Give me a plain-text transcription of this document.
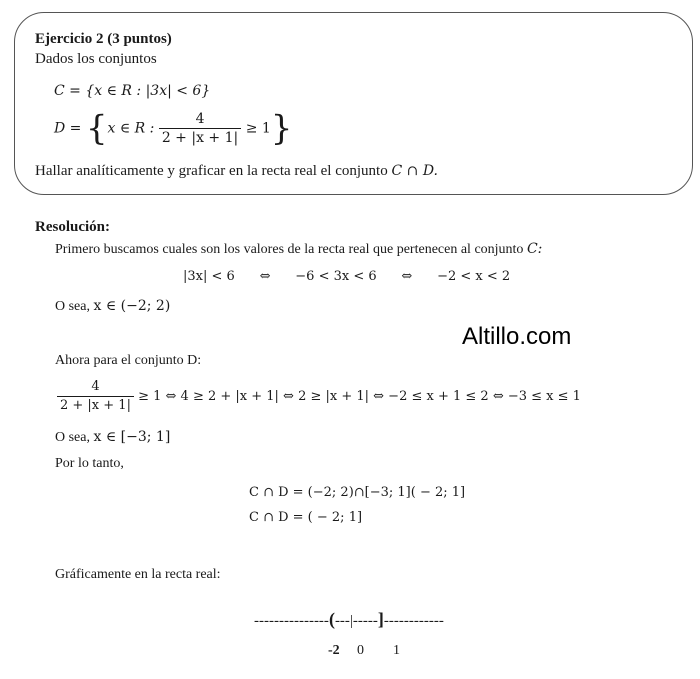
Ejercicio 2 (3 puntos)
Dados los conjuntos
C = {x ∈ R : |3x| < 6}
D = {x ∈ R : $\frac{4}{2 + |x + 1|} \ge 1$}
Hallar analíticamente y graficar en la recta real el conjunto C ∩ D.
Resolución:
Primero buscamos cuales son los valores de la recta real que pertenecen al conjunto C:
|3x| < 6      ⇔      −6 < 3x < 6      ⇔      −2 < x < 2
O sea, x ∈ (−2; 2)
Altillo.com
Ahora para el conjunto D:
$\frac{4}{2 + |x + 1|} \ge 1$ ⇔ 4 ≥ 2 + |x + 1| ⇔ 2 ≥ |x + 1| ⇔ −2 ≤ x + 1 ≤ 2 ⇔ −3 ≤ x ≤ 1
O sea, x ∈ [−3; 1]
Por lo tanto,
C ∩ D = (−2; 2)∩[−3; 1]( − 2; 1]
C ∩ D = ( − 2; 1]
Gráficamente en la recta real:
---------------(---|-----]------------
-2 0 1
